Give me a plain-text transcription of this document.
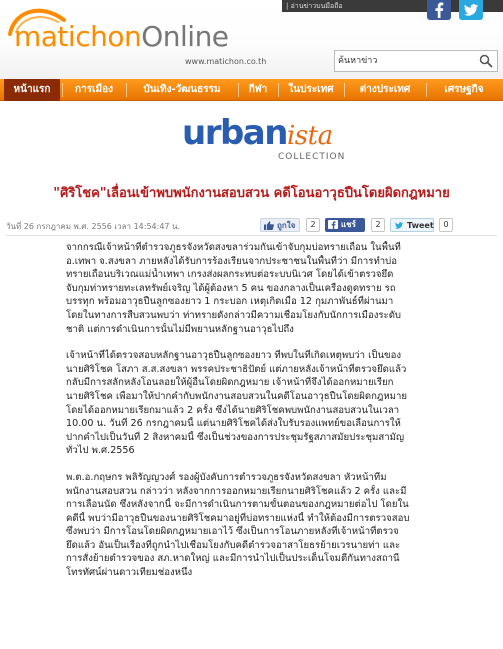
matichonOnline
www.matichon.co.th
| อ่านข่าวบนมือถือ
ค้นหาข่าว
หน้าแรก	การเมือง	บันเทิง-วัฒนธรรม	กีฬา	ในประเทศ	ต่างประเทศ	เศรษฐกิจ
urbanista
COLLECTION
"ศิริโชค"เลื่อนเข้าพบพนักงานสอบสวน คดีโอนอาวุธปืนโดยผิดกฎหมาย
วันที่ 26 กรกฎาคม พ.ศ. 2556 เวลา 14:54:47 น.	ถูกใจ	2	แชร์	2	Tweet	0
จากกรณีเจ้าหน้าที่ตำรวจภูธรจังหวัดสงขลาร่วมกันเข้าจับกุมบ่อทรายเถื่อน ในพื้นที่
อ.เทพา จ.สงขลา ภายหลังได้รับการร้องเรียนจากประชาชนในพื้นที่ว่า มีการทำบ่อ
ทรายเถื่อนบริเวณแม่น้ำเทพา เกรงส่งผลกระทบต่อระบบนิเวศ โดยได้เข้าตรวจยึด
จับกุมท่าทรายทะเลทรัพย์เจริญ ได้ผู้ต้องหา 5 คน ของกลางเป็นเครื่องดูดทราย รถ
บรรทุก พร้อมอาวุธปืนลูกซองยาว 1 กระบอก เหตุเกิดเมื่อ 12 กุมภาพันธ์ที่ผ่านมา
โดยในทางการสืบสวนพบว่า ท่าทรายดังกล่าวมีความเชื่อมโยงกับนักการเมืองระดับ
ชาติ แต่การดำเนินการนั้นไม่มีพยานหลักฐานอาวุธไปถึง
เจ้าหน้าที่ได้ตรวจสอบหลักฐานอาวุธปืนลูกซองยาว ที่พบในที่เกิดเหตุพบว่า เป็นของ
นายศิริโชค โสภา ส.ส.สงขลา พรรคประชาธิปัตย์ แต่ภายหลังเจ้าหน้าที่ตรวจยึดแล้ว
กลับมีการสลักหลังโอนลอยให้ผู้อื่นโดยผิดกฎหมาย เจ้าหน้าที่จึงได้ออกหมายเรียก
นายศิริโชค เพื่อมาให้ปากคำกับพนักงานสอบสวนในคดีโอนอาวุธปืนโดยผิดกฎหมาย
โดยได้ออกหมายเรียกมาแล้ว 2 ครั้ง ซึ่งได้นายศิริโชคพบพนักงานสอบสวนในเวลา
10.00 น. วันที่ 26 กรกฎาคมนี้ แต่นายศิริโชคได้ส่งใบรับรองแพทย์ขอเลื่อนการให้
ปากคำไปเป็นวันที่ 2 สิงหาคมนี้ ซึ่งเป็นช่วงของการประชุมรัฐสภาสมัยประชุมสามัญ
ทั่วไป พ.ศ.2556
พ.ต.อ.กฤษกร พลิรัญญวงศ์ รองผู้บังคับการตำรวจภูธรจังหวัดสงขลา หัวหน้าทีม
พนักงานสอบสวน กล่าวว่า หลังจากการออกหมายเรียกนายศิริโชคแล้ว 2 ครั้ง และมี
การเลื่อนนัด ซึ่งหลังจากนี้ จะมีการดำเนินการตามขั้นตอนของกฎหมายต่อไป โดยใน
คดีนี้ พบว่ามีอาวุธปืนของนายศิริโชคมาอยู่ที่บ่อทรายแห่งนี้ ทำให้ต้องมีการตรวจสอบ
ซึ่งพบว่า มีการโอนโดยผิดกฎหมายเอาไว้ ซึ่งเป็นการโอนภายหลังที่เจ้าหน้าที่ตรวจ
ยึดแล้ว อันเป็นเรื่องที่ถูกนำไปเชื่อมโยงกับคดีตำรวจอาสาโยธรย้ายเวรนายท่า และ
การสั่งย้ายตำรวจของ สภ.หาดใหญ่ และมีการนำไปเป็นประเด็นโจมตีกันทางสถานี
โทรทัศน์ผ่านดาวเทียมช่องหนึ่ง
